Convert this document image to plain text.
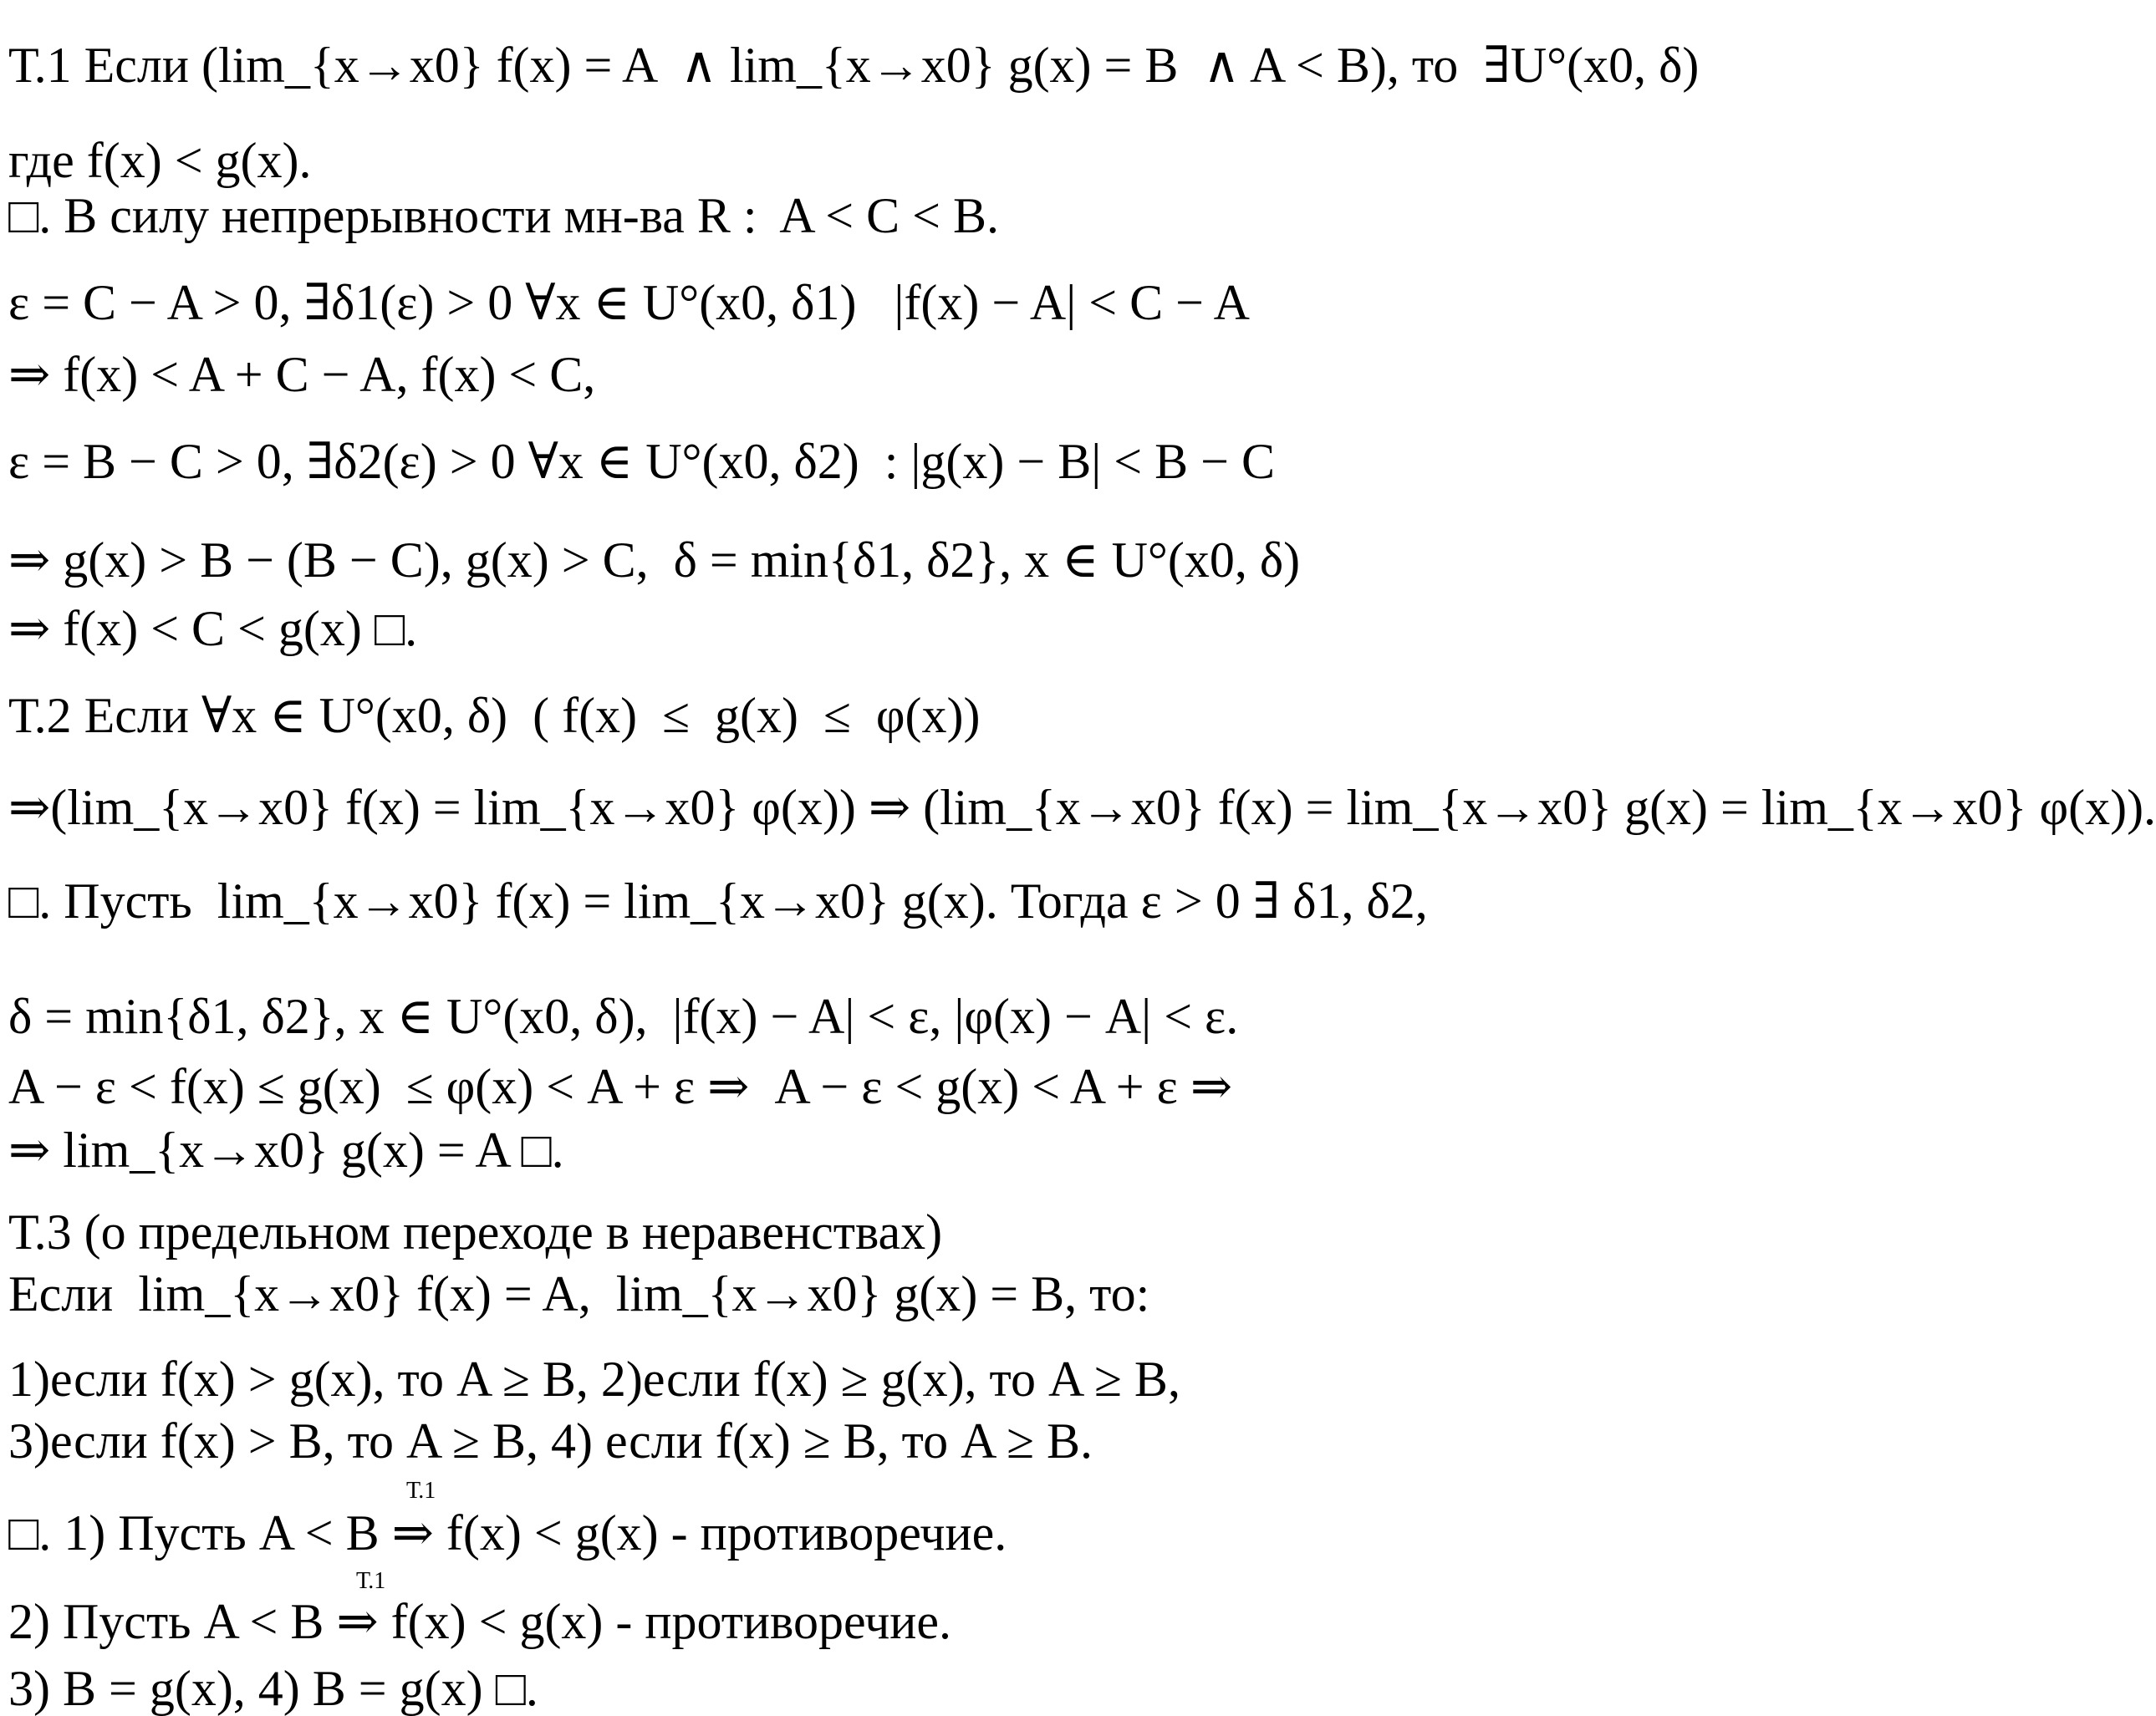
Т.1 Если (lim_{x→x0} f(x) = A  ∧ lim_{x→x0} g(x) = B  ∧ A < B), то  ∃U°(x0, δ)
где f(x) < g(x).
□. В силу непрерывности мн-ва R :  A < C < B.
ε = C − A > 0, ∃δ1(ε) > 0 ∀x ∈ U°(x0, δ1)   |f(x) − A| < C − A
⇒ f(x) < A + C − A, f(x) < C,
ε = B − C > 0, ∃δ2(ε) > 0 ∀x ∈ U°(x0, δ2)  : |g(x) − B| < B − C
⇒ g(x) > B − (B − C), g(x) > C,  δ = min{δ1, δ2}, x ∈ U°(x0, δ)
⇒ f(x) < C < g(x) □.
Т.2 Если ∀x ∈ U°(x0, δ)  ( f(x)  ≤  g(x)  ≤  φ(x))
⇒(lim_{x→x0} f(x) = lim_{x→x0} φ(x)) ⇒ (lim_{x→x0} f(x) = lim_{x→x0} g(x) = lim_{x→x0} φ(x)).
□. Пусть  lim_{x→x0} f(x) = lim_{x→x0} g(x). Тогда ε > 0 ∃ δ1, δ2,
δ = min{δ1, δ2}, x ∈ U°(x0, δ),  |f(x) − A| < ε, |φ(x) − A| < ε.
A − ε < f(x) ≤ g(x)  ≤ φ(x) < A + ε ⇒  A − ε < g(x) < A + ε ⇒
⇒ lim_{x→x0} g(x) = A □.
Т.3 (о предельном переходе в неравенствах)
Если  lim_{x→x0} f(x) = A,  lim_{x→x0} g(x) = B, то:
1)если f(x) > g(x), то A ≥ B, 2)если f(x) ≥ g(x), то A ≥ B,
3)если f(x) > B, то A ≥ B, 4) если f(x) ≥ B, то A ≥ B.
Т.1
□. 1) Пусть A < B ⇒ f(x) < g(x) - противоречие.
Т.1
2) Пусть A < B ⇒ f(x) < g(x) - противоречие.
3) B = g(x), 4) B = g(x) □.
